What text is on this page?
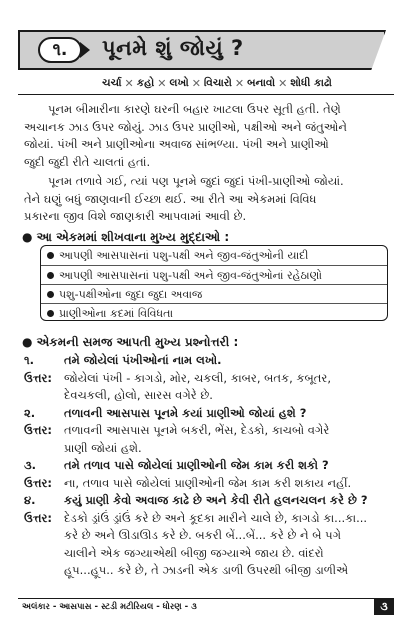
૧.	પૂનમે શું જોયું ?
ચર્ચા ✕ કહો ✕ લખો ✕ વિચારો ✕ બનાવો ✕ શોધી કાઢો
પૂનમ બીમારીના કારણે ઘરની બહાર ખાટલા ઉપર સૂતી હતી. તેણે
અચાનક ઝાડ ઉપર જોયું. ઝાડ ઉપર પ્રાણીઓ, પક્ષીઓ અને જંતુઓને
જોયાં. પંખી અને પ્રાણીઓના અવાજ સાંભળ્યા. પંખી અને પ્રાણીઓ
જુદી જુદી રીતે ચાલતાં હતાં.
પૂનમ તળાવે ગઈ, ત્યાં પણ પૂનમે જુદાં જુદાં પંખી-પ્રાણીઓ જોયાં.
તેને ઘણું બધું જાણવાની ઈચ્છા થઈ. આ રીતે આ એકમમાં વિવિધ
પ્રકારના જીવ વિશે જાણકારી આપવામાં આવી છે.
● આ એકમમાં શીખવાના મુખ્ય મુદ્દાઓ :
આપણી આસપાસનાં પશુ-પક્ષી અને જીવ-જંતુઓની યાદી
આપણી આસપાસનાં પશુ-પક્ષી અને જીવ-જંતુઓનાં રહેઠાણો
પશુ-પક્ષીઓના જુદા જુદા અવાજ
પ્રાણીઓના કદમાં વિવિધતા
● એકમની સમજ આપતી મુખ્ય પ્રશ્નોત્તરી :
૧.	તમે જોયેલાં પંખીઓનાં નામ લખો.
ઉત્તર:	જોયેલાં પંખી - કાગડો, મોર, ચકલી, કાબર, બતક, કબૂતર,
દેવચકલી, હોલો, સારસ વગેરે છે.
૨.	તળાવની આસપાસ પૂનમે કયાં પ્રાણીઓ જોયાં હશે ?
ઉત્તર:	તળાવની આસપાસ પૂનમે બકરી, ભેંસ, દેડકો, કાચબો વગેરે
પ્રાણી જોયાં હશે.
૩.	તમે તળાવ પાસે જોયેલાં પ્રાણીઓની જેમ કામ કરી શકો ?
ઉત્તર:	ના, તળાવ પાસે જોયેલાં પ્રાણીઓની જેમ કામ કરી શકાય નહીં.
૪.	કયું પ્રાણી કેવો અવાજ કાઢે છે અને કેવી રીતે હલનચલન કરે છે ?
ઉત્તર:	દેડકો ડ્રાંઉં ડ્રાંઉં કરે છે અને કૂદકા મારીને ચાલે છે, કાગડો કા...કા...
કરે છે અને ઊડાઊડ કરે છે. બકરી બેં...બેં... કરે છે ને બે પગે
ચાલીને એક જગ્યાએથી બીજી જગ્યાએ જાય છે. વાંદરો
હૂપ...હૂપ.. કરે છે, તે ઝાડની એક ડાળી ઉપરથી બીજી ડાળીએ
અલંકાર - આસપાસ - સ્ટડી મટીરિયલ - ધોરણ - ૩	૩
